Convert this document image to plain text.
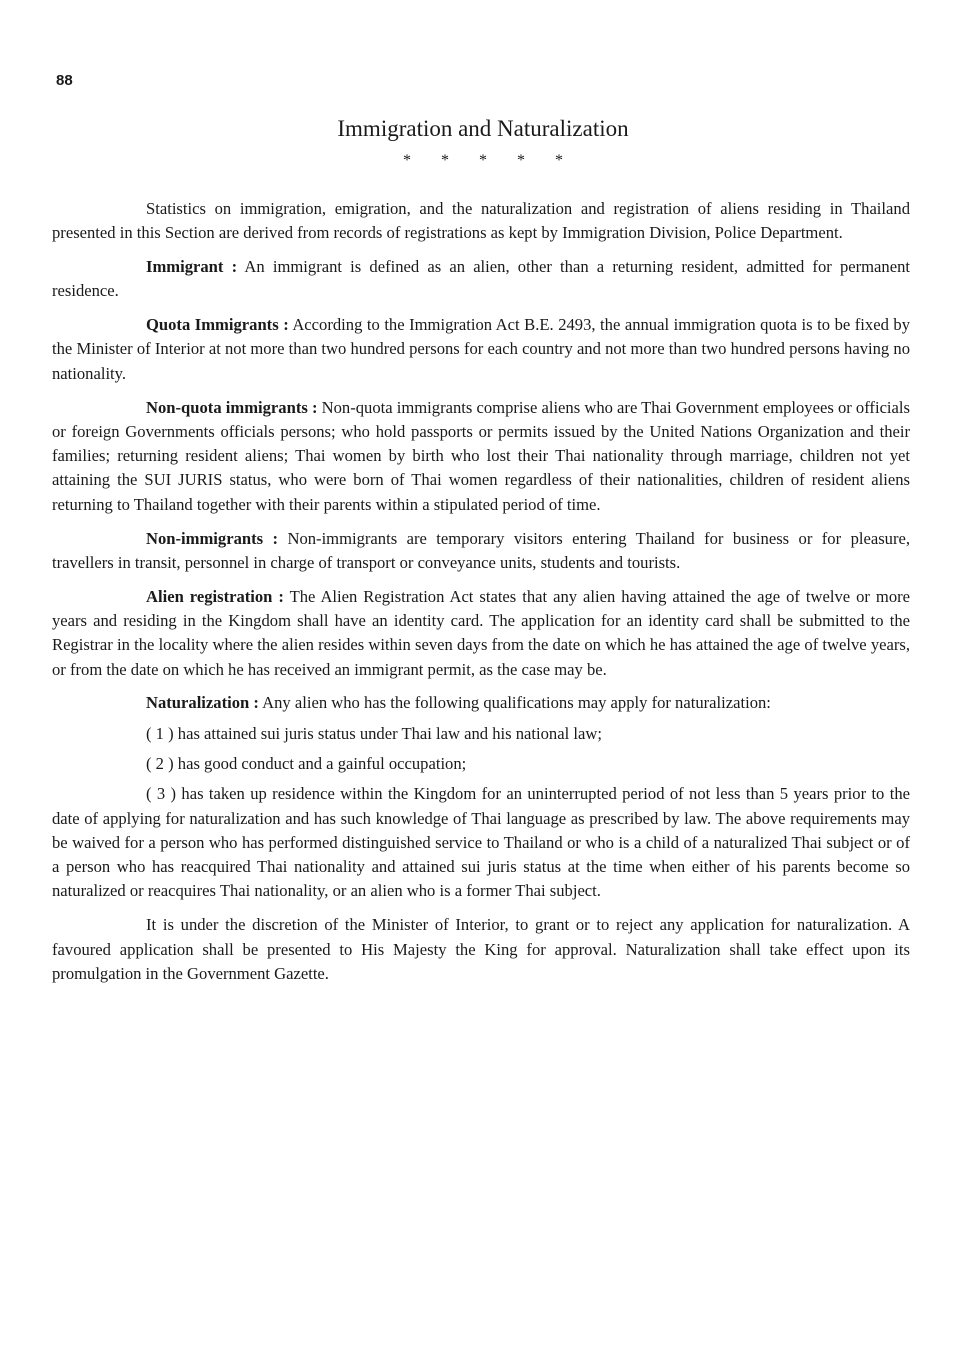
88
Immigration and Naturalization
* * * * *

Statistics on immigration, emigration, and the naturalization and registration of aliens residing in Thailand presented in this Section are derived from records of registrations as kept by Immigration Division, Police Department.

Immigrant : An immigrant is defined as an alien, other than a returning resident, admitted for permanent residence.

Quota Immigrants : According to the Immigration Act B.E. 2493, the annual immigration quota is to be fixed by the Minister of Interior at not more than two hundred persons for each country and not more than two hundred persons having no nationality.

Non-quota immigrants : Non-quota immigrants comprise aliens who are Thai Government employees or officials or foreign Governments officials persons; who hold passports or permits issued by the United Nations Organization and their families; returning resident aliens; Thai women by birth who lost their Thai nationality through marriage, children not yet attaining the SUI JURIS status, who were born of Thai women regardless of their nationalities, children of resident aliens returning to Thailand together with their parents within a stipulated period of time.

Non-immigrants : Non-immigrants are temporary visitors entering Thailand for business or for pleasure, travellers in transit, personnel in charge of transport or conveyance units, students and tourists.

Alien registration : The Alien Registration Act states that any alien having attained the age of twelve or more years and residing in the Kingdom shall have an identity card. The application for an identity card shall be submitted to the Registrar in the locality where the alien resides within seven days from the date on which he has attained the age of twelve years, or from the date on which he has received an immigrant permit, as the case may be.

Naturalization : Any alien who has the following qualifications may apply for naturalization:

( 1 ) has attained sui juris status under Thai law and his national law;

( 2 ) has good conduct and a gainful occupation;

( 3 ) has taken up residence within the Kingdom for an uninterrupted period of not less than 5 years prior to the date of applying for naturalization and has such knowledge of Thai language as prescribed by law. The above requirements may be waived for a person who has performed distinguished service to Thailand or who is a child of a naturalized Thai subject or of a person who has reacquired Thai nationality and attained sui juris status at the time when either of his parents become so naturalized or reacquires Thai nationality, or an alien who is a former Thai subject.

It is under the discretion of the Minister of Interior, to grant or to reject any application for naturalization. A favoured application shall be presented to His Majesty the King for approval. Naturalization shall take effect upon its promulgation in the Government Gazette.
